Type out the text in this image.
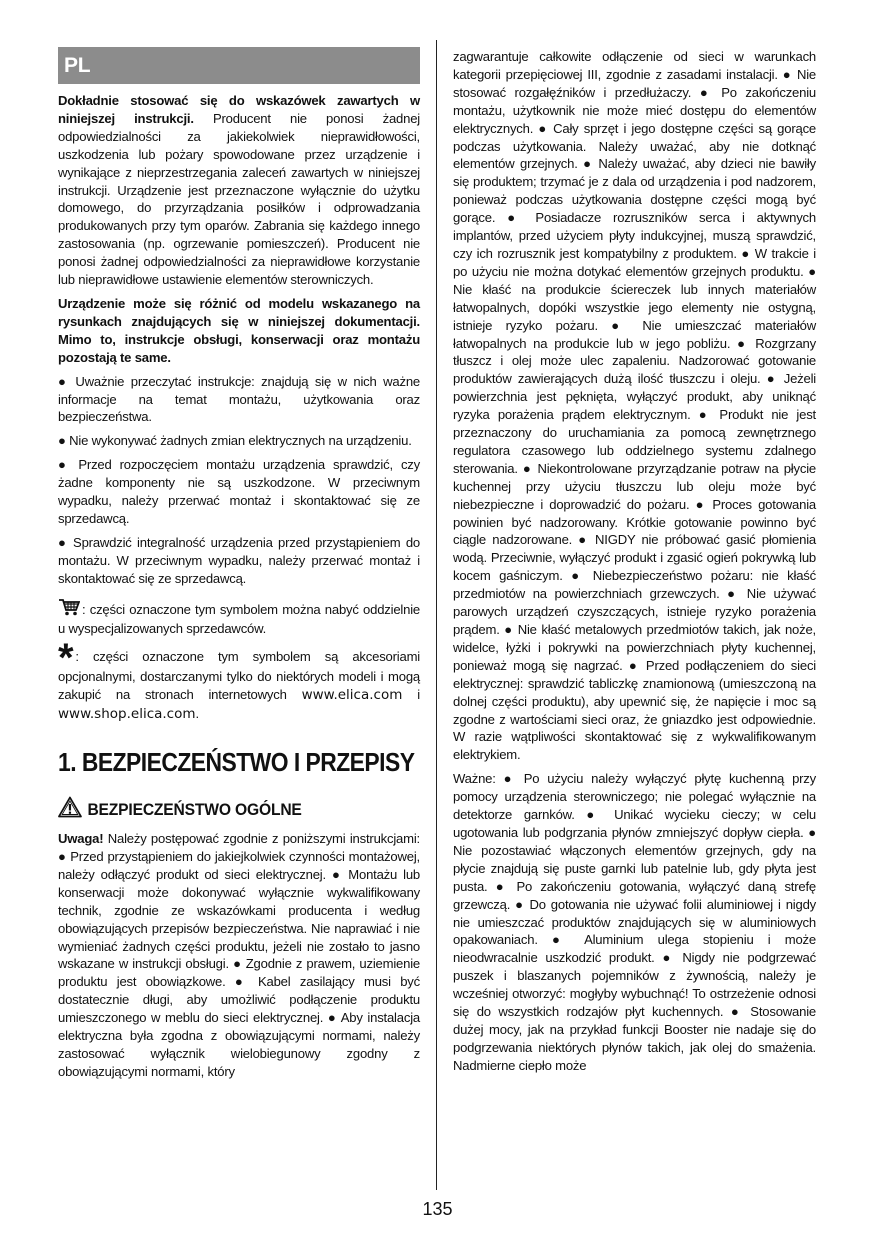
PL

Dokładnie stosować się do wskazówek zawartych w niniejszej instrukcji. Producent nie ponosi żadnej odpowiedzialności za jakiekolwiek nieprawidłowości, uszkodzenia lub pożary spowodowane przez urządzenie i wynikające z nieprzestrzegania zaleceń zawartych w niniejszej instrukcji. Urządzenie jest przeznaczone wyłącznie do użytku domowego, do przyrządzania posiłków i odprowadzania produkowanych przy tym oparów. Zabrania się każdego innego zastosowania (np. ogrzewanie pomieszczeń). Producent nie ponosi żadnej odpowiedzialności za nieprawidłowe korzystanie lub nieprawidłowe ustawienie elementów sterowniczych.

Urządzenie może się różnić od modelu wskazanego na rysunkach znajdujących się w niniejszej dokumentacji. Mimo to, instrukcje obsługi, konserwacji oraz montażu pozostają te same.

● Uważnie przeczytać instrukcje: znajdują się w nich ważne informacje na temat montażu, użytkowania oraz bezpieczeństwa.

● Nie wykonywać żadnych zmian elektrycznych na urządzeniu.

● Przed rozpoczęciem montażu urządzenia sprawdzić, czy żadne komponenty nie są uszkodzone. W przeciwnym wypadku, należy przerwać montaż i skontaktować się ze sprzedawcą.

● Sprawdzić integralność urządzenia przed przystąpieniem do montażu. W przeciwnym wypadku, należy przerwać montaż i skontaktować się ze sprzedawcą.

: części oznaczone tym symbolem można nabyć oddzielnie u wyspecjalizowanych sprzedawców.

* : części oznaczone tym symbolem są akcesoriami opcjonalnymi, dostarczanymi tylko do niektórych modeli i mogą zakupić na stronach internetowych www.elica.com i www.shop.elica.com.

1. BEZPIECZEŃSTWO I PRZEPISY
BEZPIECZEŃSTWO OGÓLNE

Uwaga! Należy postępować zgodnie z poniższymi instrukcjami: ● Przed przystąpieniem do jakiejkolwiek czynności montażowej, należy odłączyć produkt od sieci elektrycznej. ● Montażu lub konserwacji może dokonywać wyłącznie wykwalifikowany technik, zgodnie ze wskazówkami producenta i według obowiązujących przepisów bezpieczeństwa. Nie naprawiać i nie wymieniać żadnych części produktu, jeżeli nie zostało to jasno wskazane w instrukcji obsługi. ● Zgodnie z prawem, uziemienie produktu jest obowiązkowe. ● Kabel zasilający musi być dostatecznie długi, aby umożliwić podłączenie produktu umieszczonego w meblu do sieci elektrycznej. ● Aby instalacja elektryczna była zgodna z obowiązującymi normami, należy zastosować wyłącznik wielobiegunowy zgodny z obowiązującymi normami, który

zagwarantuje całkowite odłączenie od sieci w warunkach kategorii przepięciowej III, zgodnie z zasadami instalacji. ● Nie stosować rozgałęźników i przedłużaczy. ● Po zakończeniu montażu, użytkownik nie może mieć dostępu do elementów elektrycznych. ● Cały sprzęt i jego dostępne części są gorące podczas użytkowania. Należy uważać, aby nie dotknąć elementów grzejnych. ● Należy uważać, aby dzieci nie bawiły się produktem; trzymać je z dala od urządzenia i pod nadzorem, ponieważ podczas użytkowania dostępne części mogą być gorące. ● Posiadacze rozruszników serca i aktywnych implantów, przed użyciem płyty indukcyjnej, muszą sprawdzić, czy ich rozrusznik jest kompatybilny z produktem. ● W trakcie i po użyciu nie można dotykać elementów grzejnych produktu. ● Nie kłaść na produkcie ściereczek lub innych materiałów łatwopalnych, dopóki wszystkie jego elementy nie ostygną, istnieje ryzyko pożaru. ● Nie umieszczać materiałów łatwopalnych na produkcie lub w jego pobliżu. ● Rozgrzany tłuszcz i olej może ulec zapaleniu. Nadzorować gotowanie produktów zawierających dużą ilość tłuszczu i oleju. ● Jeżeli powierzchnia jest pęknięta, wyłączyć produkt, aby uniknąć ryzyka porażenia prądem elektrycznym. ● Produkt nie jest przeznaczony do uruchamiania za pomocą zewnętrznego regulatora czasowego lub oddzielnego systemu zdalnego sterowania. ● Niekontrolowane przyrządzanie potraw na płycie kuchennej przy użyciu tłuszczu lub oleju może być niebezpieczne i doprowadzić do pożaru. ● Proces gotowania powinien być nadzorowany. Krótkie gotowanie powinno być ciągle nadzorowane. ● NIGDY nie próbować gasić płomienia wodą. Przeciwnie, wyłączyć produkt i zgasić ogień pokrywką lub kocem gaśniczym. ● Niebezpieczeństwo pożaru: nie kłaść przedmiotów na powierzchniach grzewczych. ● Nie używać parowych urządzeń czyszczących, istnieje ryzyko porażenia prądem. ● Nie kłaść metalowych przedmiotów takich, jak noże, widelce, łyżki i pokrywki na powierzchniach płyty kuchennej, ponieważ mogą się nagrzać. ● Przed podłączeniem do sieci elektrycznej: sprawdzić tabliczkę znamionową (umieszczoną na dolnej części produktu), aby upewnić się, że napięcie i moc są zgodne z wartościami sieci oraz, że gniazdko jest odpowiednie. W razie wątpliwości skontaktować się z wykwalifikowanym elektrykiem.

Ważne: ● Po użyciu należy wyłączyć płytę kuchenną przy pomocy urządzenia sterowniczego; nie polegać wyłącznie na detektorze garnków. ● Unikać wycieku cieczy; w celu ugotowania lub podgrzania płynów zmniejszyć dopływ ciepła. ● Nie pozostawiać włączonych elementów grzejnych, gdy na płycie znajdują się puste garnki lub patelnie lub, gdy płyta jest pusta. ● Po zakończeniu gotowania, wyłączyć daną strefę grzewczą. ● Do gotowania nie używać folii aluminiowej i nigdy nie umieszczać produktów znajdujących się w aluminiowych opakowaniach. ● Aluminium ulega stopieniu i może nieodwracalnie uszkodzić produkt. ● Nigdy nie podgrzewać puszek i blaszanych pojemników z żywnością, należy je wcześniej otworzyć: mogłyby wybuchnąć! To ostrzeżenie odnosi się do wszystkich rodzajów płyt kuchennych. ● Stosowanie dużej mocy, jak na przykład funkcji Booster nie nadaje się do podgrzewania niektórych płynów takich, jak olej do smażenia. Nadmierne ciepło może

135
